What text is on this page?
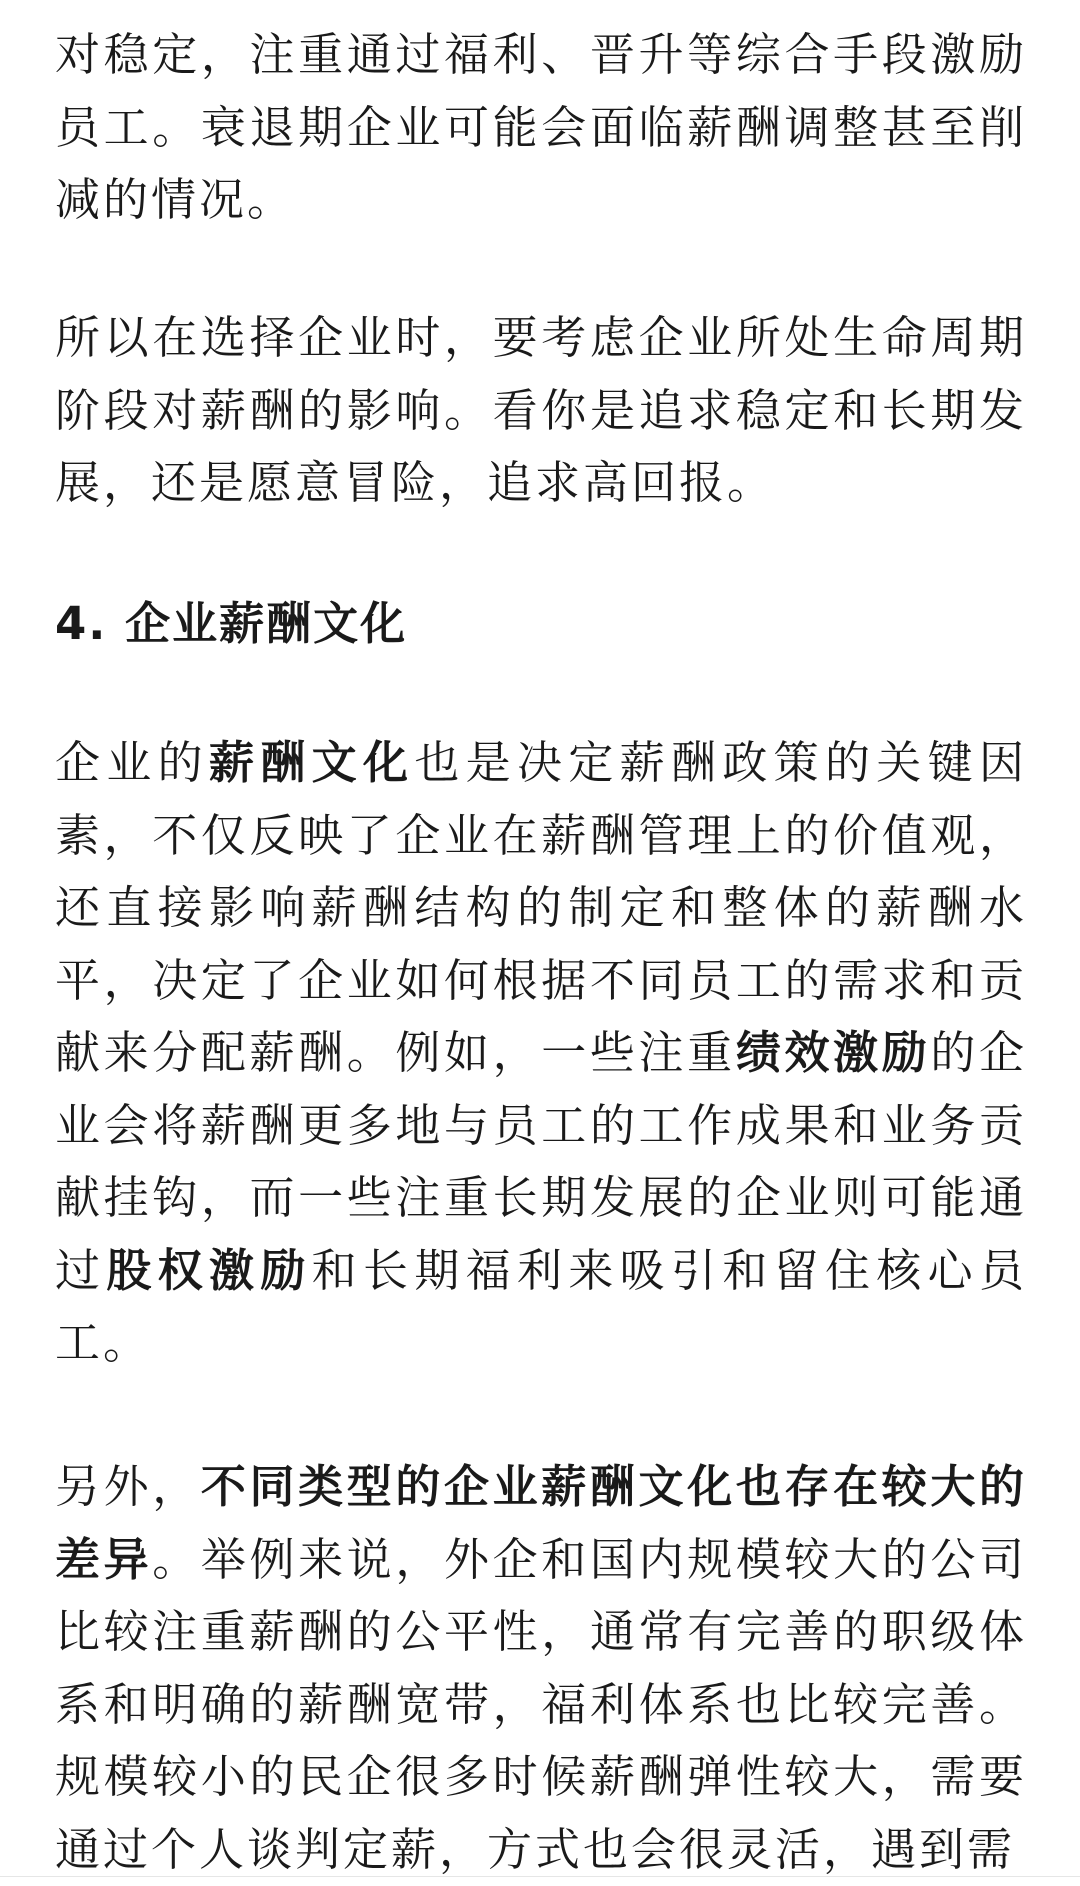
对稳定，注重通过福利、晋升等综合手段激励员工。衰退期企业可能会面临薪酬调整甚至削减的情况。

所以在选择企业时，要考虑企业所处生命周期阶段对薪酬的影响。看你是追求稳定和长期发展，还是愿意冒险，追求高回报。

4. 企业薪酬文化

企业的薪酬文化也是决定薪酬政策的关键因素，不仅反映了企业在薪酬管理上的价值观，还直接影响薪酬结构的制定和整体的薪酬水平，决定了企业如何根据不同员工的需求和贡献来分配薪酬。例如，一些注重绩效激励的企业会将薪酬更多地与员工的工作成果和业务贡献挂钩，而一些注重长期发展的企业则可能通过股权激励和长期福利来吸引和留住核心员工。

另外，不同类型的企业薪酬文化也存在较大的差异。举例来说，外企和国内规模较大的公司比较注重薪酬的公平性，通常有完善的职级体系和明确的薪酬宽带，福利体系也比较完善。规模较小的民企很多时候薪酬弹性较大，需要通过个人谈判定薪，方式也会很灵活，遇到需
